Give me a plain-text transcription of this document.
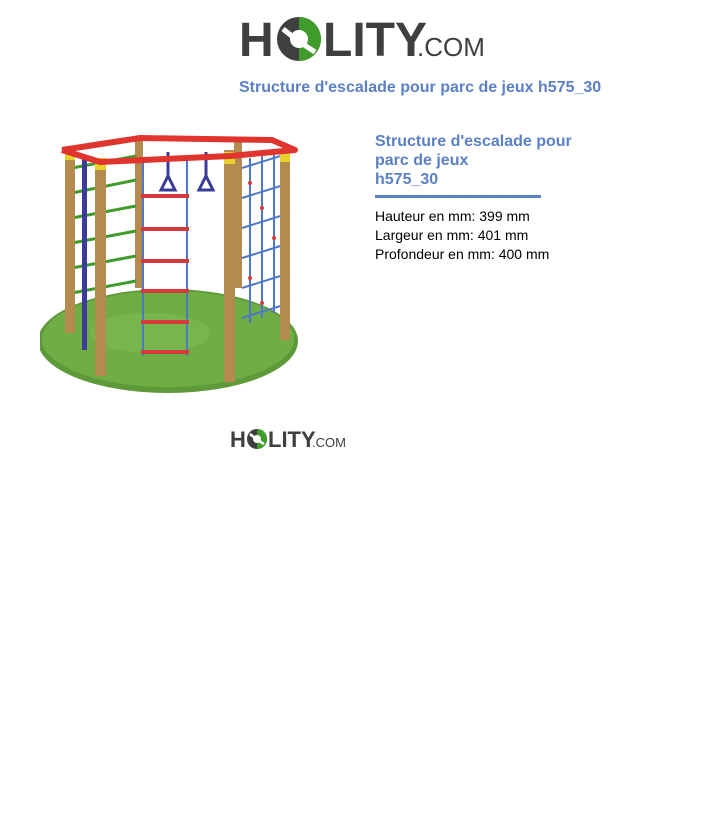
H LITY
.COM
Structure d'escalade pour parc de jeux h575_30
Structure d'escalade pour
parc de jeux
h575_30
Hauteur en mm: 399 mm
Largeur en mm: 401 mm
Profondeur en mm: 400 mm
H LITY
.COM
